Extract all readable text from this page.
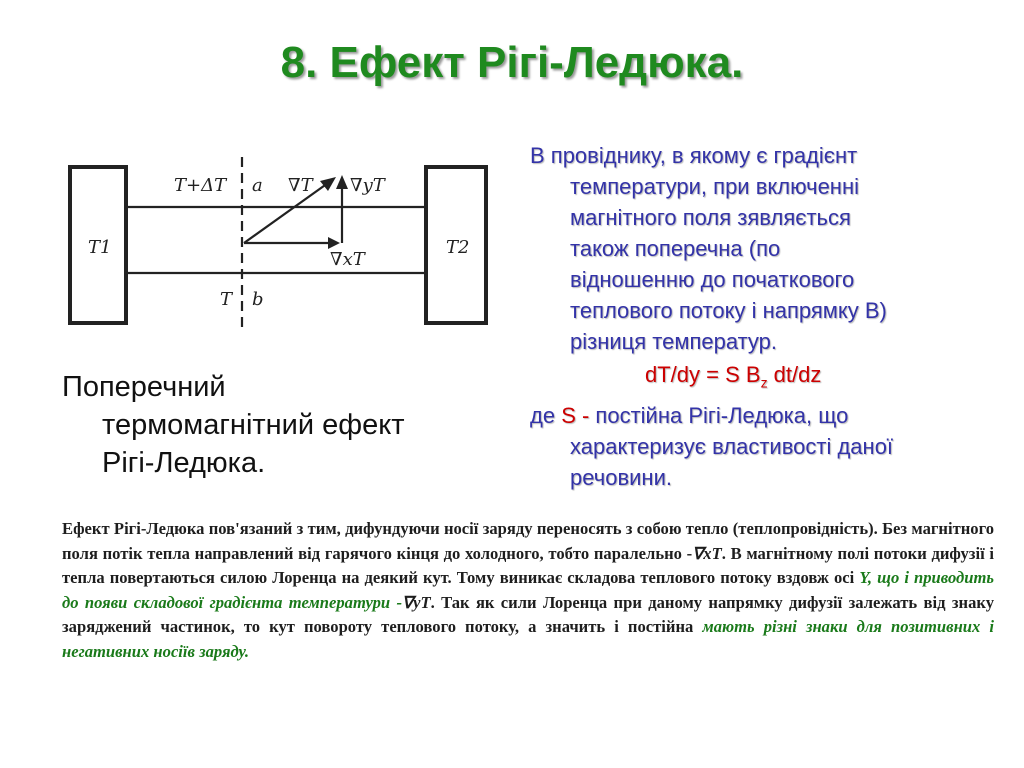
8. Ефект Рігі-Ледюка.
T+ΔT a ∇T ∇yT
∇xT
T b
T1	T2
Поперечний
термомагнітний ефект
Рігі-Ледюка.
В провіднику, в якому є градієнт
температури, при включенні
магнітного поля зявляється
також поперечна (по
відношенню до початкового
теплового потоку і напрямку В)
різниця температур.
dT/dy = S $B_z$ dt/dz
де S - постійна Рігі-Ледюка, що
характеризує властивості даної
речовини.
Ефект Рігі-Ледюка пов'язаний з тим, дифундуючи носії заряду переносять з собою тепло (теплопровідність). Без магнітного поля потік тепла направлений від гарячого кінця до холодного, тобто паралельно -∇xT. В магнітному полі потоки дифузії і тепла повертаються силою Лоренца на деякий кут. Тому виникає складова теплового потоку вздовж осі Y, що і приводить до появи складової градієнта температури -∇yT. Так як сили Лоренца при даному напрямку дифузії залежать від знаку заряджений частинок, то кут повороту теплового потоку, а значить і постійна мають різні знаки для позитивних і негативних носіїв заряду.
